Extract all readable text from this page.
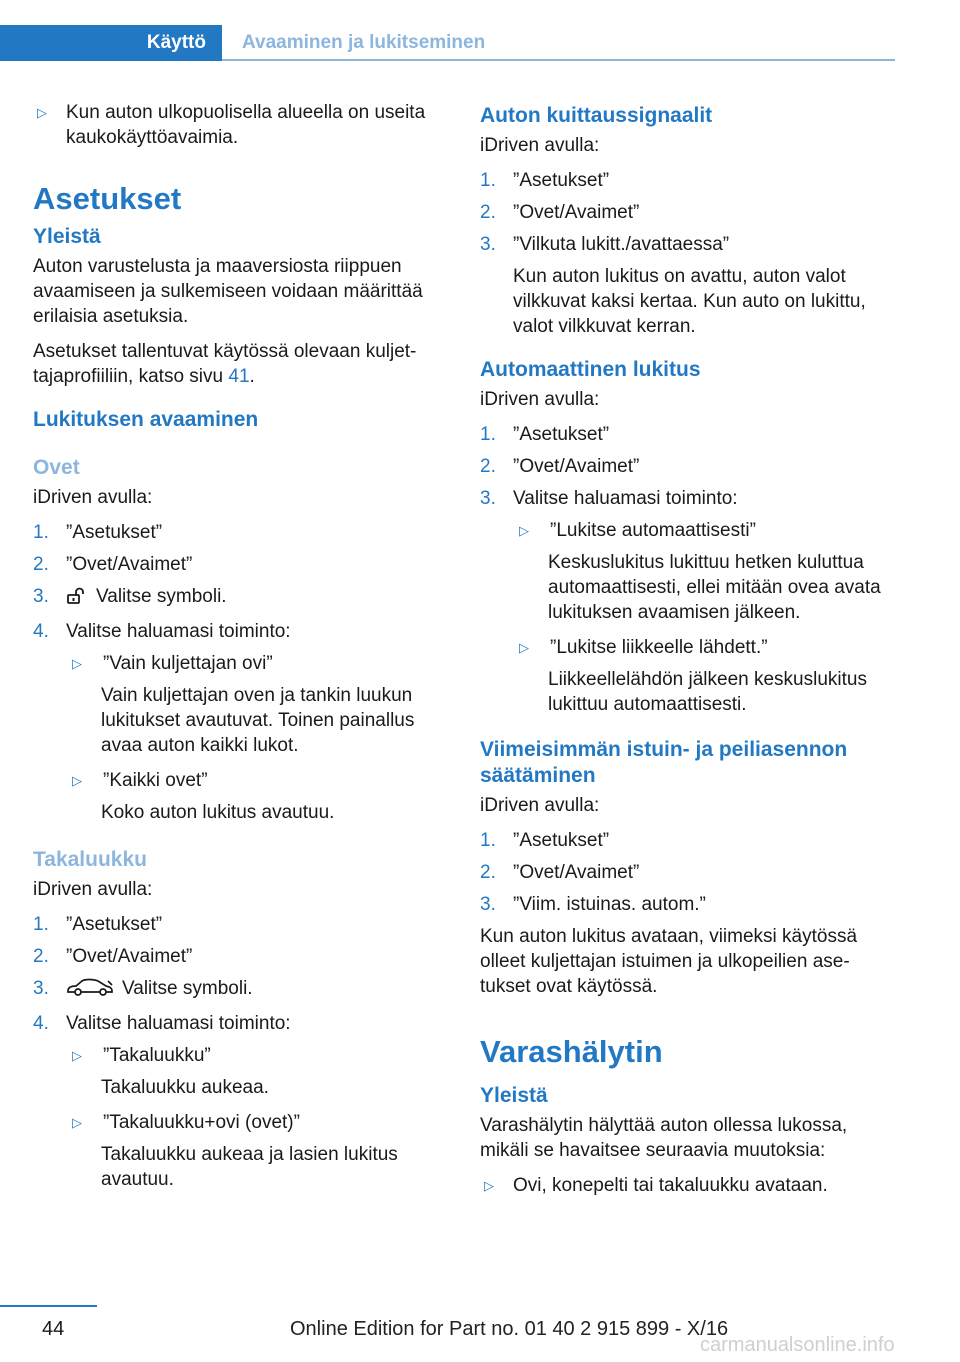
Käyttö Avaaminen ja lukitseminen
▷ Kun auton ulkopuolisella alueella on useita kaukokäyttöavaimia.
Asetukset
Yleistä

Auton varustelusta ja maaversiosta riippuen avaamiseen ja sulkemiseen voidaan määrittää erilaisia asetuksia.

Asetukset tallentuvat käytössä olevaan kuljet‐tajaprofiiliin, katso sivu 41.

Lukituksen avaaminen
Ovet

iDriven avulla:

1. ”Asetukset”
2. ”Ovet/Avaimet”
3. Valitse symboli.
4. Valitse haluamasi toiminto:
▷ ”Vain kuljettajan ovi”
Vain kuljettajan oven ja tankin luukun lukitukset avautuvat. Toinen painallus avaa auton kaikki lukot.
▷ ”Kaikki ovet”
Koko auton lukitus avautuu.
Takaluukku

iDriven avulla:

1. ”Asetukset”
2. ”Ovet/Avaimet”
3.	Valitse symboli.
4. Valitse haluamasi toiminto:
▷ ”Takaluukku”
Takaluukku aukeaa.
▷ ”Takaluukku+ovi (ovet)”
Takaluukku aukeaa ja lasien lukitus avautuu.
Auton kuittaussignaalit

iDriven avulla:

1. ”Asetukset”
2. ”Ovet/Avaimet”
3. ”Vilkuta lukitt./avattaessa”
Kun auton lukitus on avattu, auton valot vilkkuvat kaksi kertaa. Kun auto on lukittu, valot vilkkuvat kerran.
Automaattinen lukitus

iDriven avulla:

1. ”Asetukset”
2. ”Ovet/Avaimet”
3. Valitse haluamasi toiminto:
▷ ”Lukitse automaattisesti”
Keskuslukitus lukittuu hetken kuluttua automaattisesti, ellei mitään ovea avata lukituksen avaamisen jälkeen.
▷ ”Lukitse liikkeelle lähdett.”
Liikkeellelähdön jälkeen keskuslukitus lukittuu automaattisesti.
Viimeisimmän istuin- ja peiliasennon säätäminen

iDriven avulla:

1. ”Asetukset”
2. ”Ovet/Avaimet”
3. ”Viim. istuinas. autom.”

Kun auton lukitus avataan, viimeksi käytössä olleet kuljettajan istuimen ja ulkopeilien ase‐tukset ovat käytössä.

Varashälytin
Yleistä

Varashälytin hälyttää auton ollessa lukossa, mikäli se havaitsee seuraavia muutoksia:

▷ Ovi, konepelti tai takaluukku avataan.
44	Online Edition for Part no. 01 40 2 915 899 - X/16
carmanualsonline.info
